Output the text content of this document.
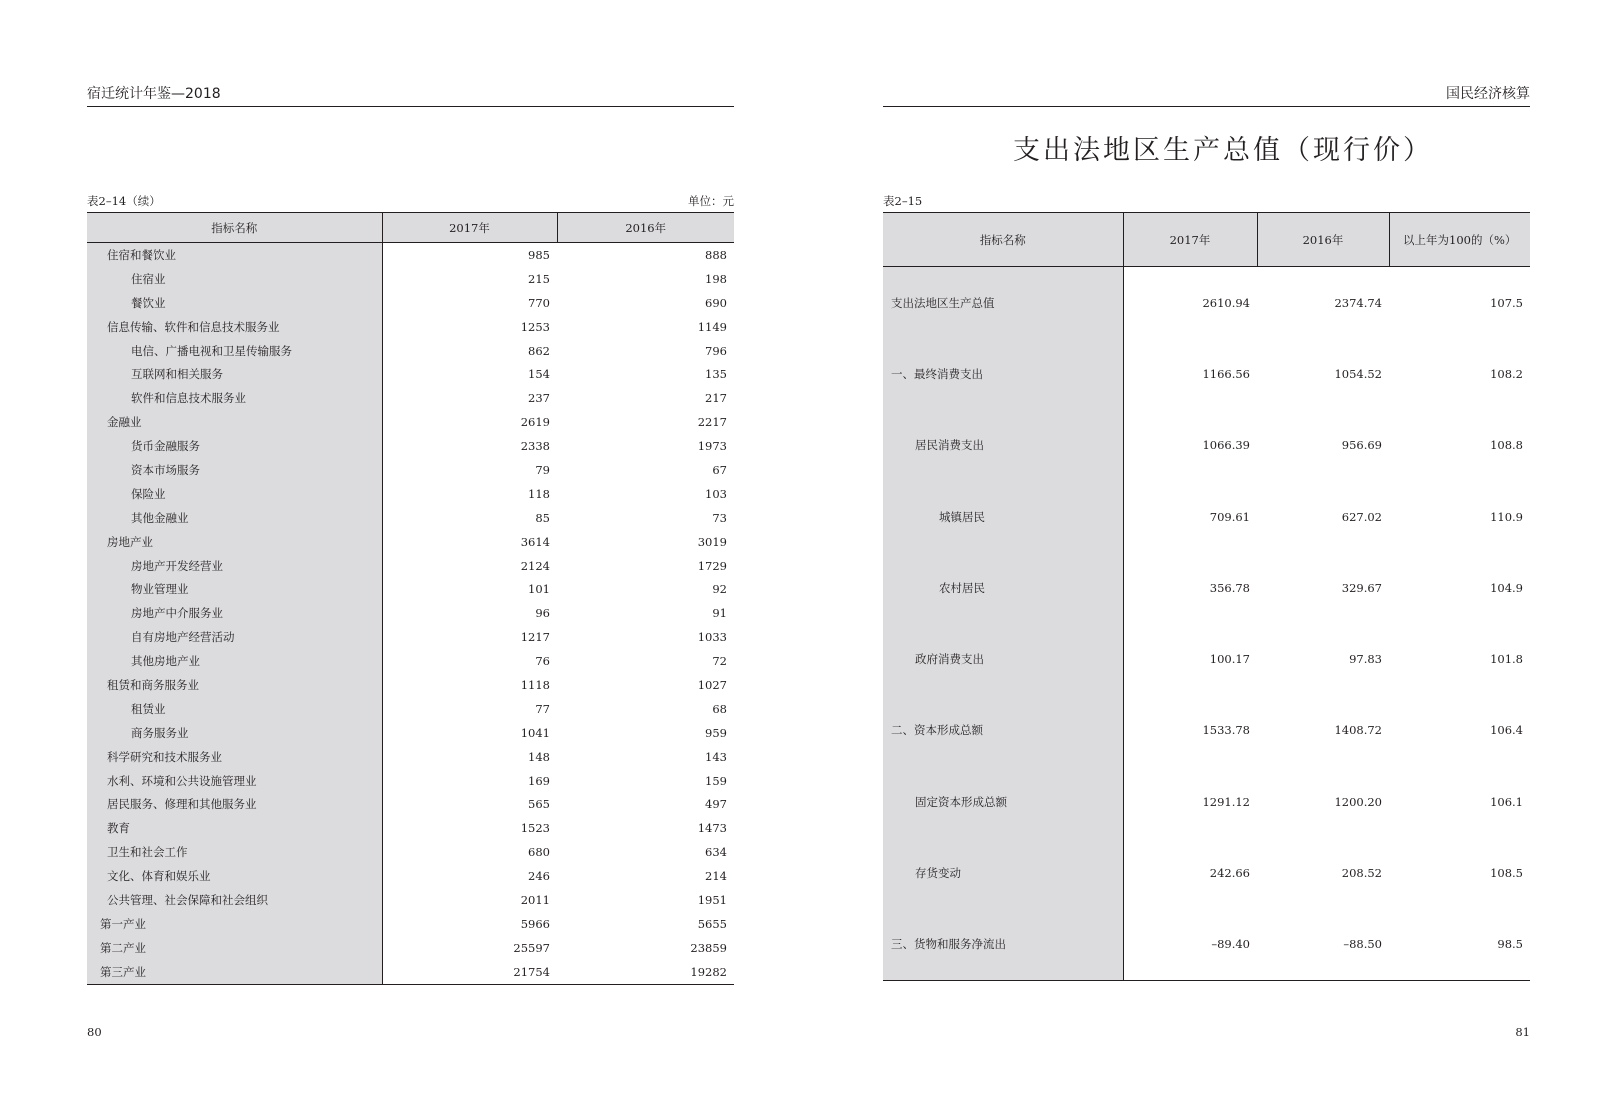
宿迁统计年鉴—2018
表2–14（续）	单位：元
指标名称	2017年	2016年
住宿和餐饮业	985	888
住宿业	215	198
餐饮业	770	690
信息传输、软件和信息技术服务业	1253	1149
电信、广播电视和卫星传输服务	862	796
互联网和相关服务	154	135
软件和信息技术服务业	237	217
金融业	2619	2217
货币金融服务	2338	1973
资本市场服务	79	67
保险业	118	103
其他金融业	85	73
房地产业	3614	3019
房地产开发经营业	2124	1729
物业管理业	101	92
房地产中介服务业	96	91
自有房地产经营活动	1217	1033
其他房地产业	76	72
租赁和商务服务业	1118	1027
租赁业	77	68
商务服务业	1041	959
科学研究和技术服务业	148	143
水利、环境和公共设施管理业	169	159
居民服务、修理和其他服务业	565	497
教育	1523	1473
卫生和社会工作	680	634
文化、体育和娱乐业	246	214
公共管理、社会保障和社会组织	2011	1951
第一产业	5966	5655
第二产业	25597	23859
第三产业	21754	19282
80
国民经济核算
支出法地区生产总值（现行价）
表2–15
指标名称	2017年	2016年	以上年为100的（%）
支出法地区生产总值	2610.94	2374.74	107.5
一、最终消费支出	1166.56	1054.52	108.2
居民消费支出	1066.39	956.69	108.8
城镇居民	709.61	627.02	110.9
农村居民	356.78	329.67	104.9
政府消费支出	100.17	97.83	101.8
二、资本形成总额	1533.78	1408.72	106.4
固定资本形成总额	1291.12	1200.20	106.1
存货变动	242.66	208.52	108.5
三、货物和服务净流出	–89.40	–88.50	98.5
81
